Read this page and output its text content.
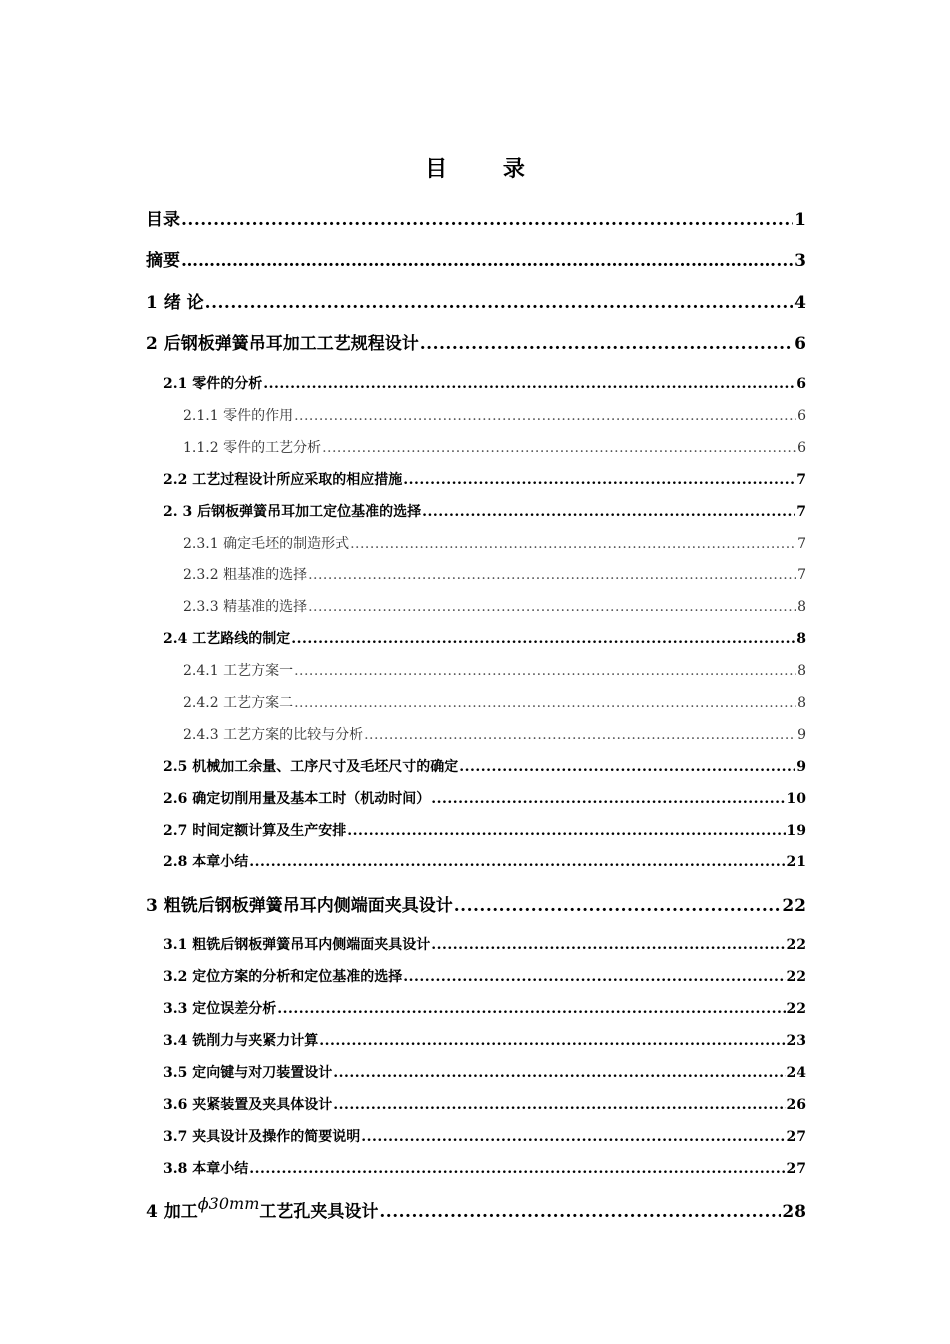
目 录
目录 .....	1
摘要 …………………………………………………………………………………………………………………………………	...3
1 绪 论 .....	4
2 后钢板弹簧吊耳加工工艺规程设计 .....	6
2.1 零件的分析 .....	6
2.1.1 零件的作用 .....	6
1.1.2 零件的工艺分析 .....	6
2.2 工艺过程设计所应采取的相应措施 .....	7
2. 3 后钢板弹簧吊耳加工定位基准的选择 .....	7
2.3.1 确定毛坯的制造形式 .....	7
2.3.2 粗基准的选择 .....	7
2.3.3 精基准的选择 .....	8
2.4 工艺路线的制定 .....	8
2.4.1 工艺方案一 .....	8
2.4.2 工艺方案二 .....	8
2.4.3 工艺方案的比较与分析 .....	9
2.5 机械加工余量、工序尺寸及毛坯尺寸的确定 .....	9
2.6 确定切削用量及基本工时（机动时间） .....	10
2.7 时间定额计算及生产安排 .....	19
2.8 本章小结 .....	21
3 粗铣后钢板弹簧吊耳内侧端面夹具设计 .....	22
3.1 粗铣后钢板弹簧吊耳内侧端面夹具设计 .....	22
3.2 定位方案的分析和定位基准的选择 .....	22
3.3 定位误差分析 .....	22
3.4 铣削力与夹紧力计算 .....	23
3.5 定向键与对刀装置设计 .....	24
3.6 夹紧装置及夹具体设计 .....	26
3.7 夹具设计及操作的简要说明 .....	27
3.8 本章小结 .....	27
4 加工ϕ30mm工艺孔夹具设计 .....	28
